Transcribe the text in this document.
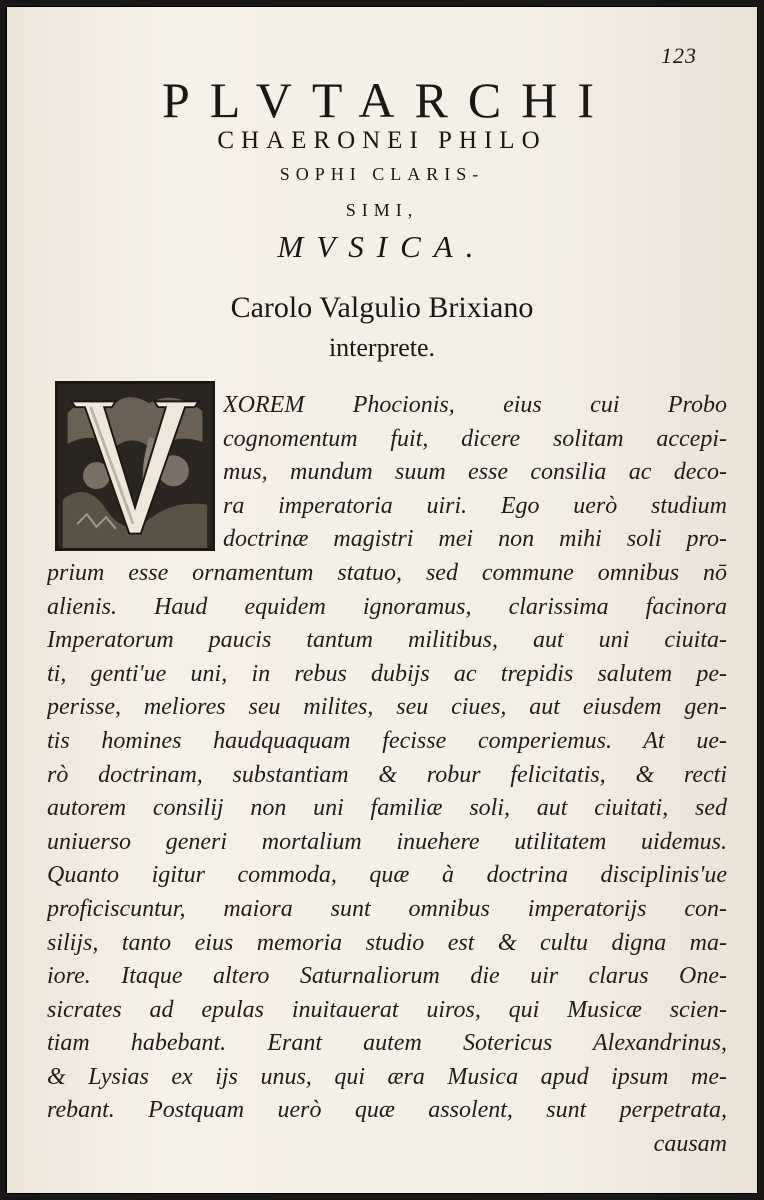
123
PLVTARCHI
CHAERONEI PHILO
SOPHI CLARIS-
SIMI,
MVSICA.
Carolo Valgulio Brixiano
interprete.
XOREM Phocionis, eius cui Probo
cognomentum fuit, dicere solitam accepi-
mus, mundum suum esse consilia ac deco-
ra imperatoria uiri. Ego uerò studium
doctrinæ magistri mei non mihi soli pro-
prium esse ornamentum statuo, sed commune omnibus nō
alienis. Haud equidem ignoramus, clarissima facinora
Imperatorum paucis tantum militibus, aut uni ciuita-
ti, genti'ue uni, in rebus dubijs ac trepidis salutem pe-
perisse, meliores seu milites, seu ciues, aut eiusdem gen-
tis homines haudquaquam fecisse comperiemus. At ue-
rò doctrinam, substantiam & robur felicitatis, & recti
autorem consilij non uni familiæ soli, aut ciuitati, sed
uniuerso generi mortalium inuehere utilitatem uidemus.
Quanto igitur commoda, quæ à doctrina disciplinis'ue
proficiscuntur, maiora sunt omnibus imperatorijs con-
silijs, tanto eius memoria studio est & cultu digna ma-
iore. Itaque altero Saturnaliorum die uir clarus One-
sicrates ad epulas inuitauerat uiros, qui Musicæ scien-
tiam habebant. Erant autem Sotericus Alexandrinus,
& Lysias ex ijs unus, qui æra Musica apud ipsum me-
rebant. Postquam uerò quæ assolent, sunt perpetrata,
causam
